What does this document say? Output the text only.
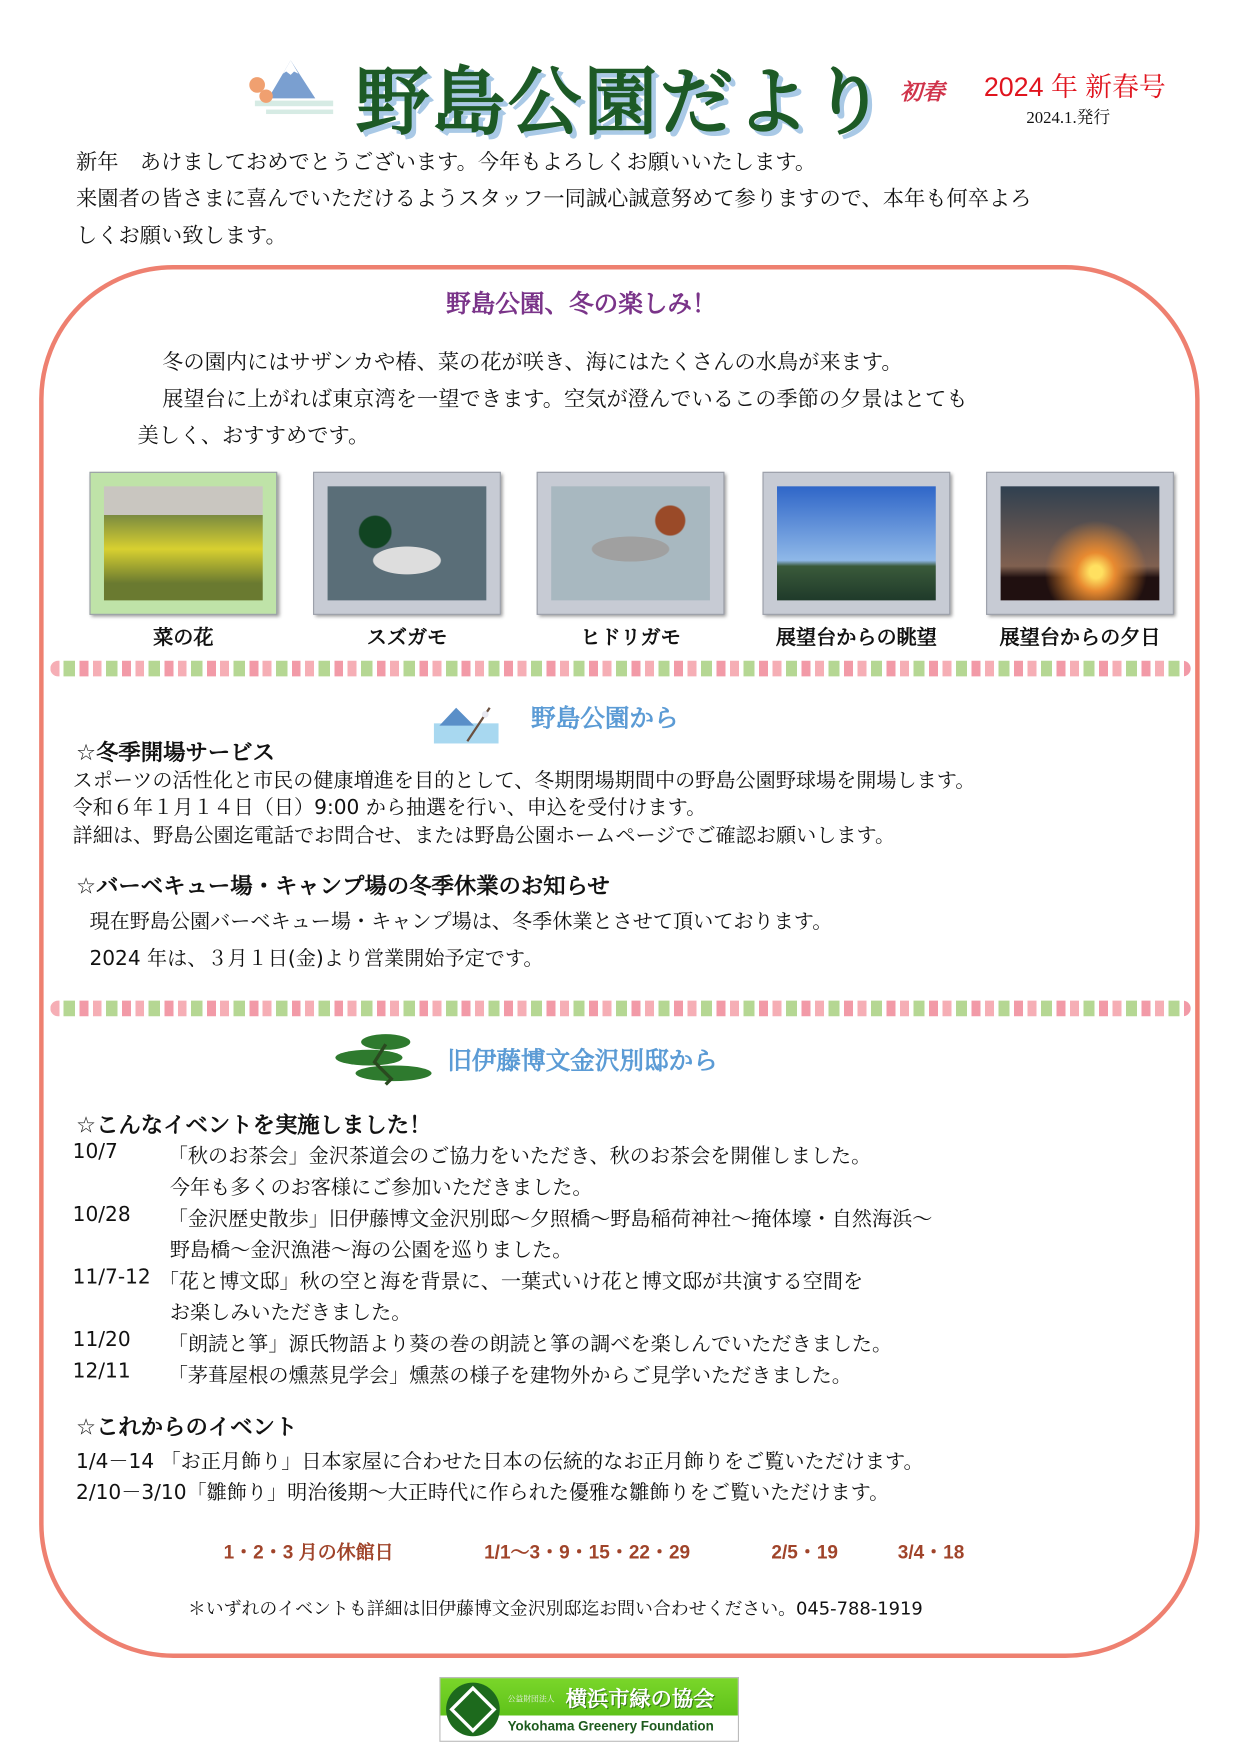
野島公園だより 初春 2024 年 新春号
2024.1.発行
新年　あけましておめでとうございます。今年もよろしくお願いいたします。
来園者の皆さまに喜んでいただけるようスタッフ一同誠心誠意努めて参りますので、本年も何卒よろ
しくお願い致します。
野島公園、冬の楽しみ！
冬の園内にはサザンカや椿、菜の花が咲き、海にはたくさんの水鳥が来ます。
展望台に上がれば東京湾を一望できます。空気が澄んでいるこの季節の夕景はとても
美しく、おすすめです。
菜の花	スズガモ	ヒドリガモ	展望台からの眺望	展望台からの夕日
野島公園から
☆冬季開場サービス
スポーツの活性化と市民の健康増進を目的として、冬期閉場期間中の野島公園野球場を開場します。
令和６年１月１４日（日）9:00 から抽選を行い、申込を受付けます。
詳細は、野島公園迄電話でお問合せ、または野島公園ホームページでご確認お願いします。
☆バーベキュー場・キャンプ場の冬季休業のお知らせ
現在野島公園バーベキュー場・キャンプ場は、冬季休業とさせて頂いております。
2024 年は、３月１日(金)より営業開始予定です。
旧伊藤博文金沢別邸から
☆こんなイベントを実施しました！
10/7	「秋のお茶会」金沢茶道会のご協力をいただき、秋のお茶会を開催しました。
今年も多くのお客様にご参加いただきました。
10/28 「金沢歴史散歩」旧伊藤博文金沢別邸～夕照橋～野島稲荷神社～掩体壕・自然海浜～
野島橋～金沢漁港～海の公園を巡りました。
11/7-12 「花と博文邸」秋の空と海を背景に、一葉式いけ花と博文邸が共演する空間を
お楽しみいただきました。
11/20 「朗読と箏」源氏物語より葵の巻の朗読と箏の調べを楽しんでいただきました。
12/11 「茅葺屋根の燻蒸見学会」燻蒸の様子を建物外からご見学いただきました。
☆これからのイベント
1/4－14 「お正月飾り」日本家屋に合わせた日本の伝統的なお正月飾りをご覧いただけます。
2/10－3/10「雛飾り」明治後期～大正時代に作られた優雅な雛飾りをご覧いただけます。
1・2・3 月の休館日	1/1～3・9・15・22・29	2/5・19	3/4・18
＊いずれのイベントも詳細は旧伊藤博文金沢別邸迄お問い合わせください。045-788-1919
公益財団法人 横浜市緑の協会
Yokohama Greenery Foundation
